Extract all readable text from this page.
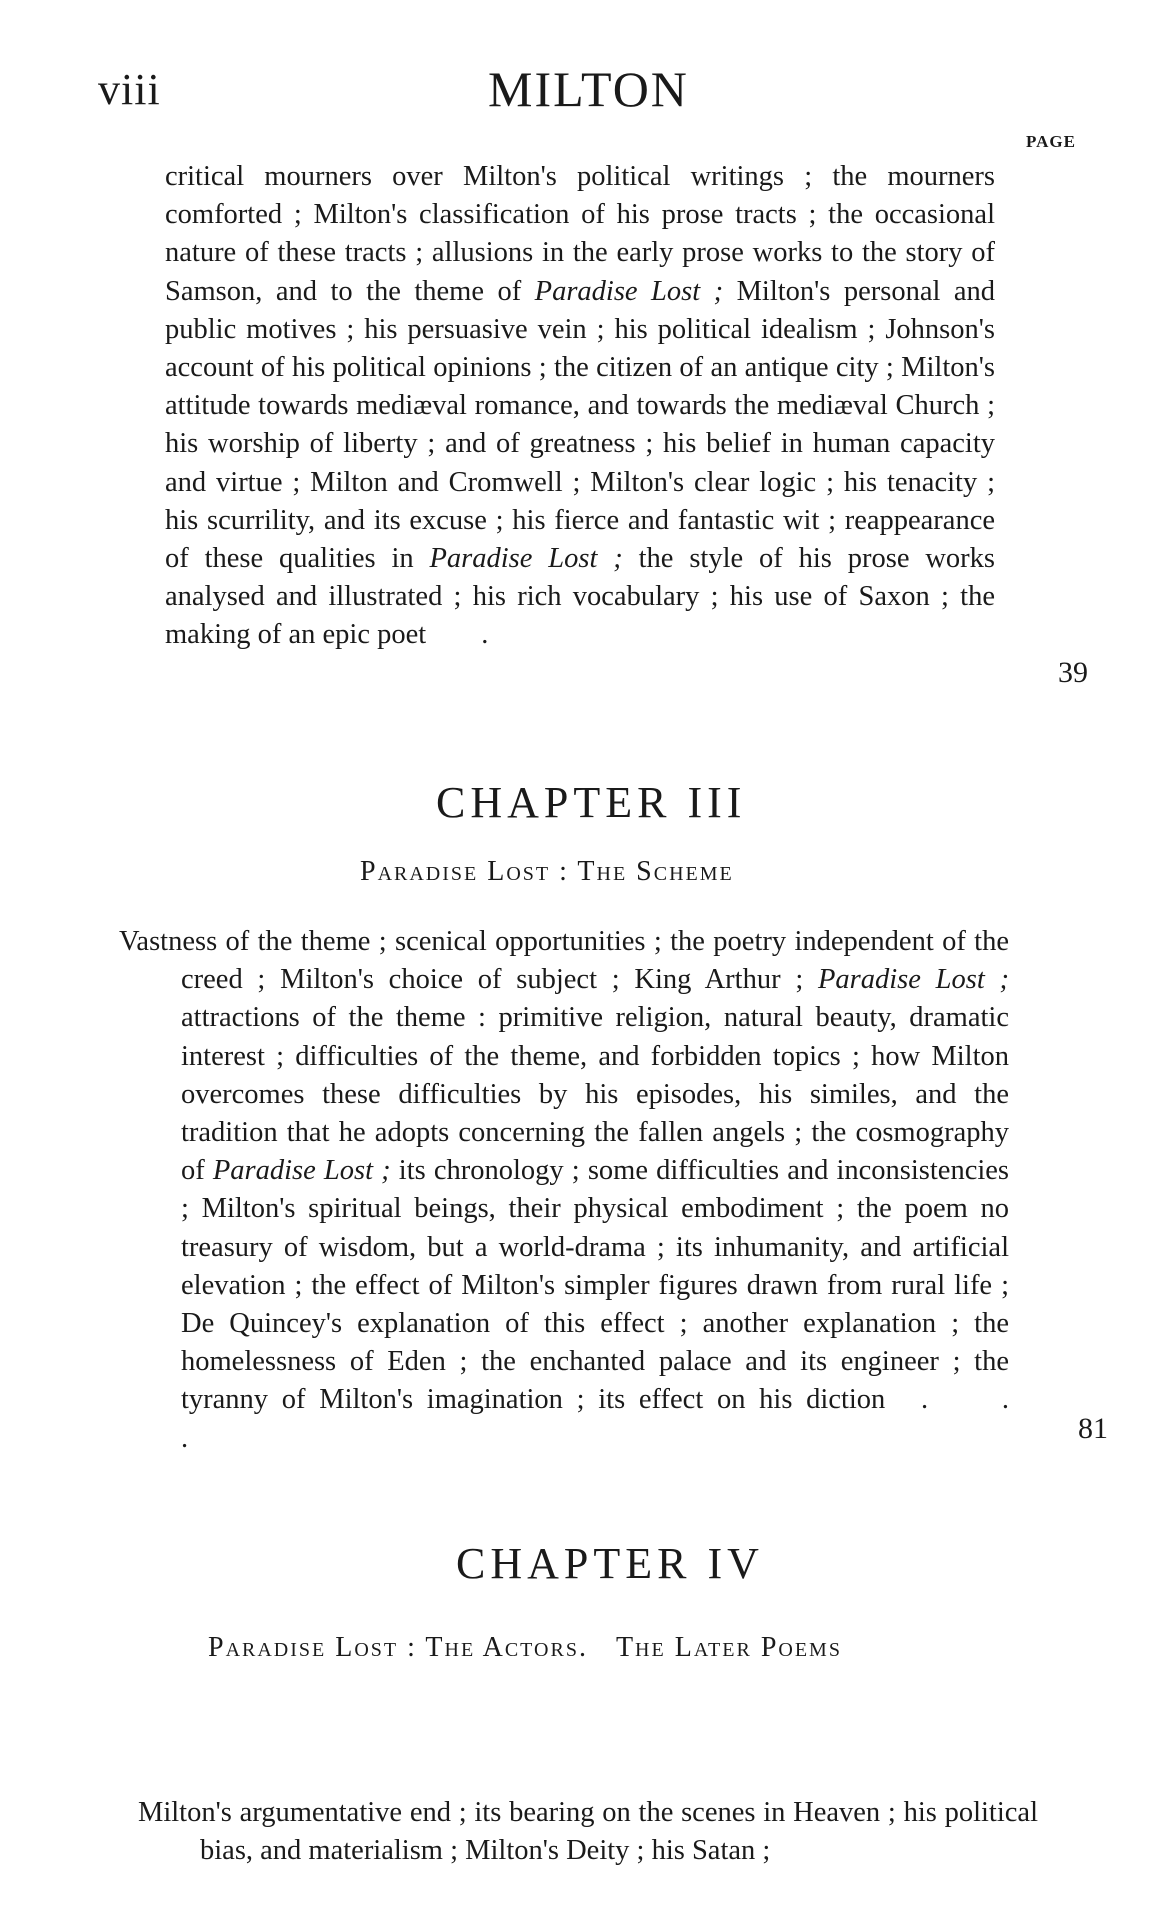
viii	MILTON
PAGE

critical mourners over Milton's political writings ; the mourners comforted ; Milton's classification of his prose tracts ; the occasional nature of these tracts ; allusions in the early prose works to the story of Samson, and to the theme of Paradise Lost ; Milton's personal and public motives ; his persuasive vein ; his political idealism ; Johnson's account of his political opinions ; the citizen of an antique city ; Milton's attitude towards mediæval romance, and towards the mediæval Church ; his worship of liberty ; and of greatness ; his belief in human capacity and virtue ; Milton and Cromwell ; Milton's clear logic ; his tenacity ; his scurrility, and its excuse ; his fierce and fantastic wit ; reappearance of these qualities in Paradise Lost ; the style of his prose works analysed and illustrated ; his rich vocabulary ; his use of Saxon ; the making of an epic poet .

39
CHAPTER III
Paradise Lost : The Scheme

Vastness of the theme ; scenical opportunities ; the poetry independent of the creed ; Milton's choice of subject ; King Arthur ; Paradise Lost ; attractions of the theme : primitive religion, natural beauty, dramatic interest ; difficulties of the theme, and forbidden topics ; how Milton overcomes these difficulties by his episodes, his similes, and the tradition that he adopts concerning the fallen angels ; the cosmography of Paradise Lost ; its chronology ; some difficulties and inconsistencies ; Milton's spiritual beings, their physical embodiment ; the poem no treasury of wisdom, but a world-drama ; its inhumanity, and artificial elevation ; the effect of Milton's simpler figures drawn from rural life ; De Quincey's explanation of this effect ; another explanation ; the homelessness of Eden ; the enchanted palace and its engineer ; the tyranny of Milton's imagination ; its effect on his diction . . .	81
CHAPTER IV
Paradise Lost : The Actors. The Later Poems

Milton's argumentative end ; its bearing on the scenes in Heaven ; his political bias, and materialism ; Milton's Deity ; his Satan ;
